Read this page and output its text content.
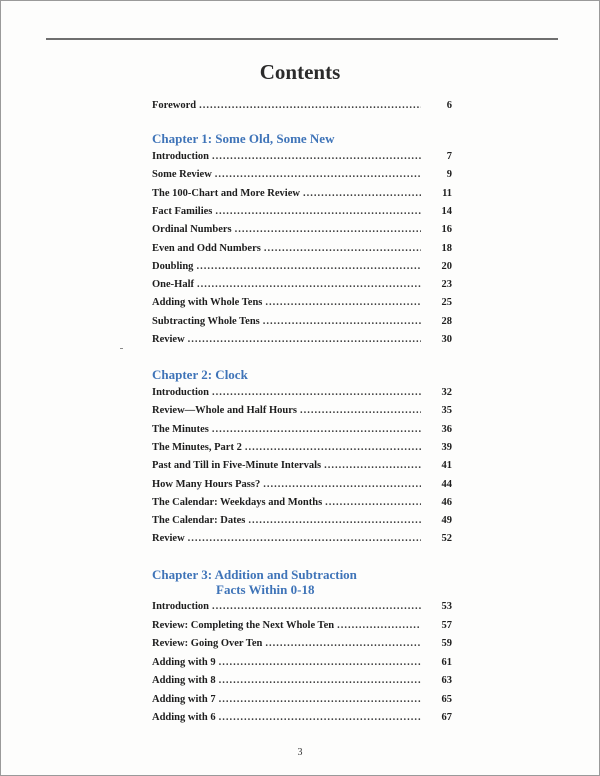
Contents
Foreword .....	6
Chapter 1: Some Old, Some New
Introduction .....	7
Some Review .....	9
The 100-Chart and More Review .....	11
Fact Families .....	14
Ordinal Numbers .....	16
Even and Odd Numbers .....	18
Doubling .....	20
One-Half .....	23
Adding with Whole Tens .....	25
Subtracting Whole Tens .....	28
Review .....	30
Chapter 2: Clock
Introduction .....	32
Review—Whole and Half Hours .....	35
The Minutes .....	36
The Minutes, Part 2 .....	39
Past and Till in Five-Minute Intervals .....	41
How Many Hours Pass? .....	44
The Calendar: Weekdays and Months .....	46
The Calendar: Dates .....	49
Review .....	52
Chapter 3: Addition and Subtraction
Facts Within 0-18
Introduction .....	53
Review: Completing the Next Whole Ten .....	57
Review: Going Over Ten .....	59
Adding with 9 .....	61
Adding with 8 .....	63
Adding with 7 .....	65
Adding with 6 .....	67
3
